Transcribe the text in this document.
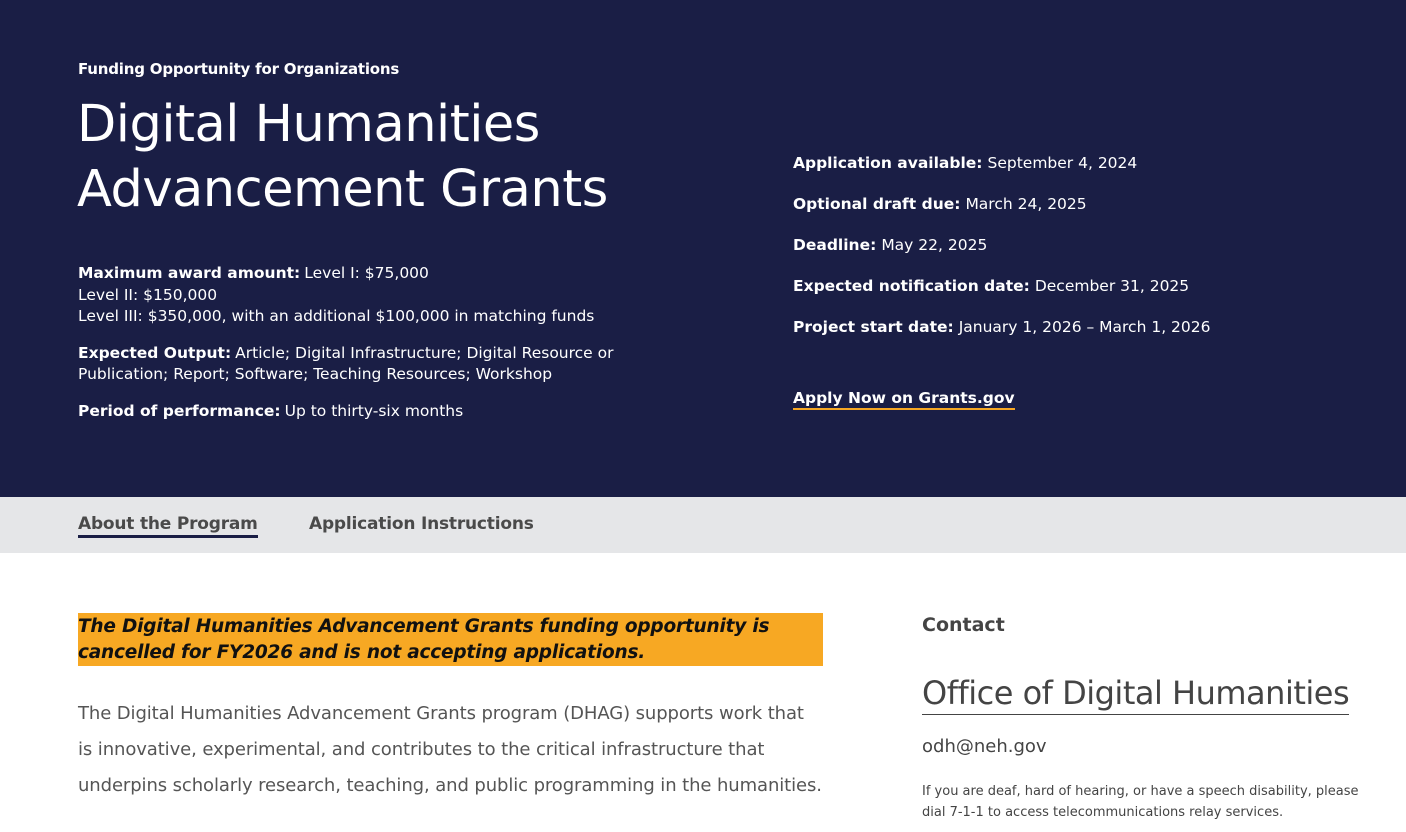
Funding Opportunity for Organizations
Digital Humanities Advancement Grants
Maximum award amount: Level I: $75,000
Level II: $150,000
Level III: $350,000, with an additional $100,000 in matching funds
Expected Output: Article; Digital Infrastructure; Digital Resource or Publication; Report; Software; Teaching Resources; Workshop
Period of performance: Up to thirty-six months
Application available: September 4, 2024
Optional draft due: March 24, 2025
Deadline: May 22, 2025
Expected notification date: December 31, 2025
Project start date: January 1, 2026 – March 1, 2026
Apply Now on Grants.gov
About the Program	Application Instructions
The Digital Humanities Advancement Grants funding opportunity is cancelled for FY2026 and is not accepting applications.

The Digital Humanities Advancement Grants program (DHAG) supports work that is innovative, experimental, and contributes to the critical infrastructure that underpins scholarly research, teaching, and public programming in the humanities.

Contact
Office of Digital Humanities
odh@neh.gov

If you are deaf, hard of hearing, or have a speech disability, please dial 7-1-1 to access telecommunications relay services.
